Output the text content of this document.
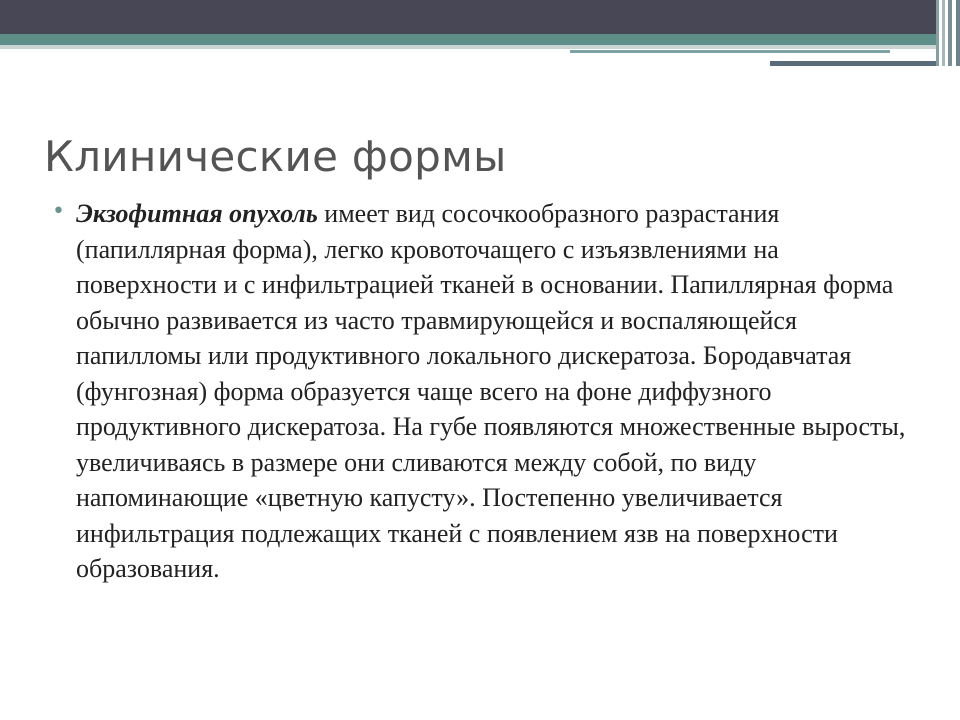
Клинические формы
• Экзофитная опухоль имеет вид сосочкообразного разрастания (папиллярная форма), легко кровоточащего с изъязвлениями на поверхности и с инфильтрацией тканей в основании. Папиллярная форма обычно развивается из часто травмирующейся и воспаляющейся папилломы или продуктивного локального дискератоза. Бородавчатая (фунгозная) форма образуется чаще всего на фоне диффузного продуктивного дискератоза. На губе появляются множественные выросты, увеличиваясь в размере они сливаются между собой, по виду напоминающие «цветную капусту». Постепенно увеличивается инфильтрация подлежащих тканей с появлением язв на поверхности образования.
